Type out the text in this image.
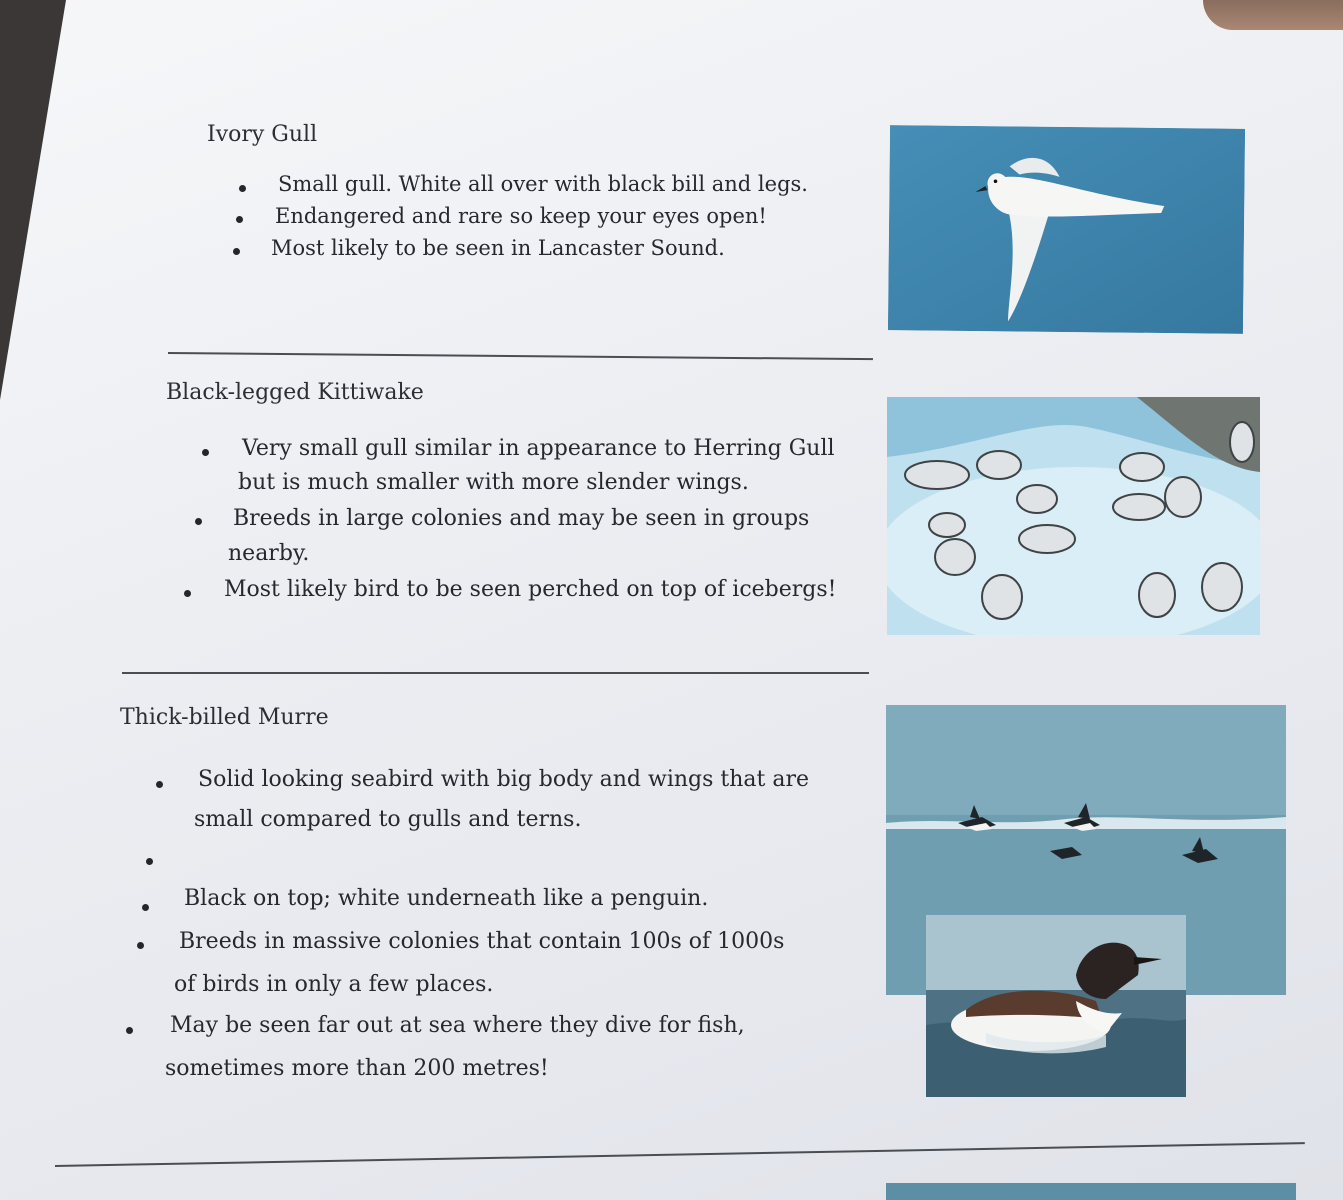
Ivory Gull
Small gull. White all over with black bill and legs.
Endangered and rare so keep your eyes open!
Most likely to be seen in Lancaster Sound.
Black-legged Kittiwake
Very small gull similar in appearance to Herring Gull
but is much smaller with more slender wings.
Breeds in large colonies and may be seen in groups
nearby.
Most likely bird to be seen perched on top of icebergs!
Thick-billed Murre
Solid looking seabird with big body and wings that are
small compared to gulls and terns.
Black on top; white underneath like a penguin.
Breeds in massive colonies that contain 100s of 1000s
of birds in only a few places.
May be seen far out at sea where they dive for fish,
sometimes more than 200 metres!
